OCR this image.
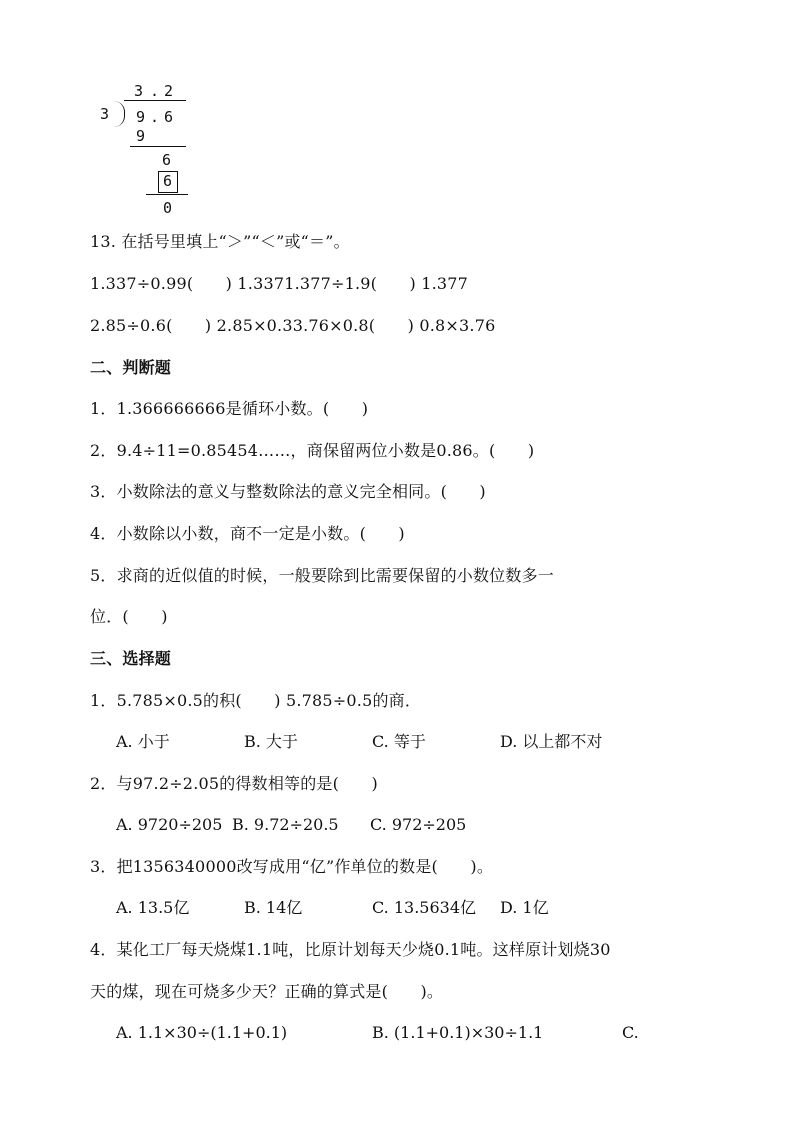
3 . 2
3 9 . 6
9
6
6
0
13. 在括号里填上“＞”“＜”或“＝”。
1.337÷0.99(　　) 1.3371.377÷1.9(　　) 1.377
2.85÷0.6(　　) 2.85×0.33.76×0.8(　　) 0.8×3.76
二、判断题
1．1.366666666是循环小数。(　　)
2．9.4÷11=0.85454……，商保留两位小数是0.86。(　　)
3．小数除法的意义与整数除法的意义完全相同。(　　)
4．小数除以小数，商不一定是小数。(　　)
5．求商的近似值的时候，一般要除到比需要保留的小数位数多一
位．(　　)
三、选择题
1．5.785×0.5的积(　　) 5.785÷0.5的商．
A. 小于	B. 大于	C. 等于	D. 以上都不对
2．与97.2÷2.05的得数相等的是(　　)
A. 9720÷205 B. 9.72÷20.5 C. 972÷205
3．把1356340000改写成用“亿”作单位的数是(　　)。
A. 13.5亿	B. 14亿	C. 13.5634亿 D. 1亿
4．某化工厂每天烧煤1.1吨，比原计划每天少烧0.1吨。这样原计划烧30
天的煤，现在可烧多少天？正确的算式是(　　)。
A. 1.1×30÷(1.1+0.1)	B. (1.1+0.1)×30÷1.1	C.
